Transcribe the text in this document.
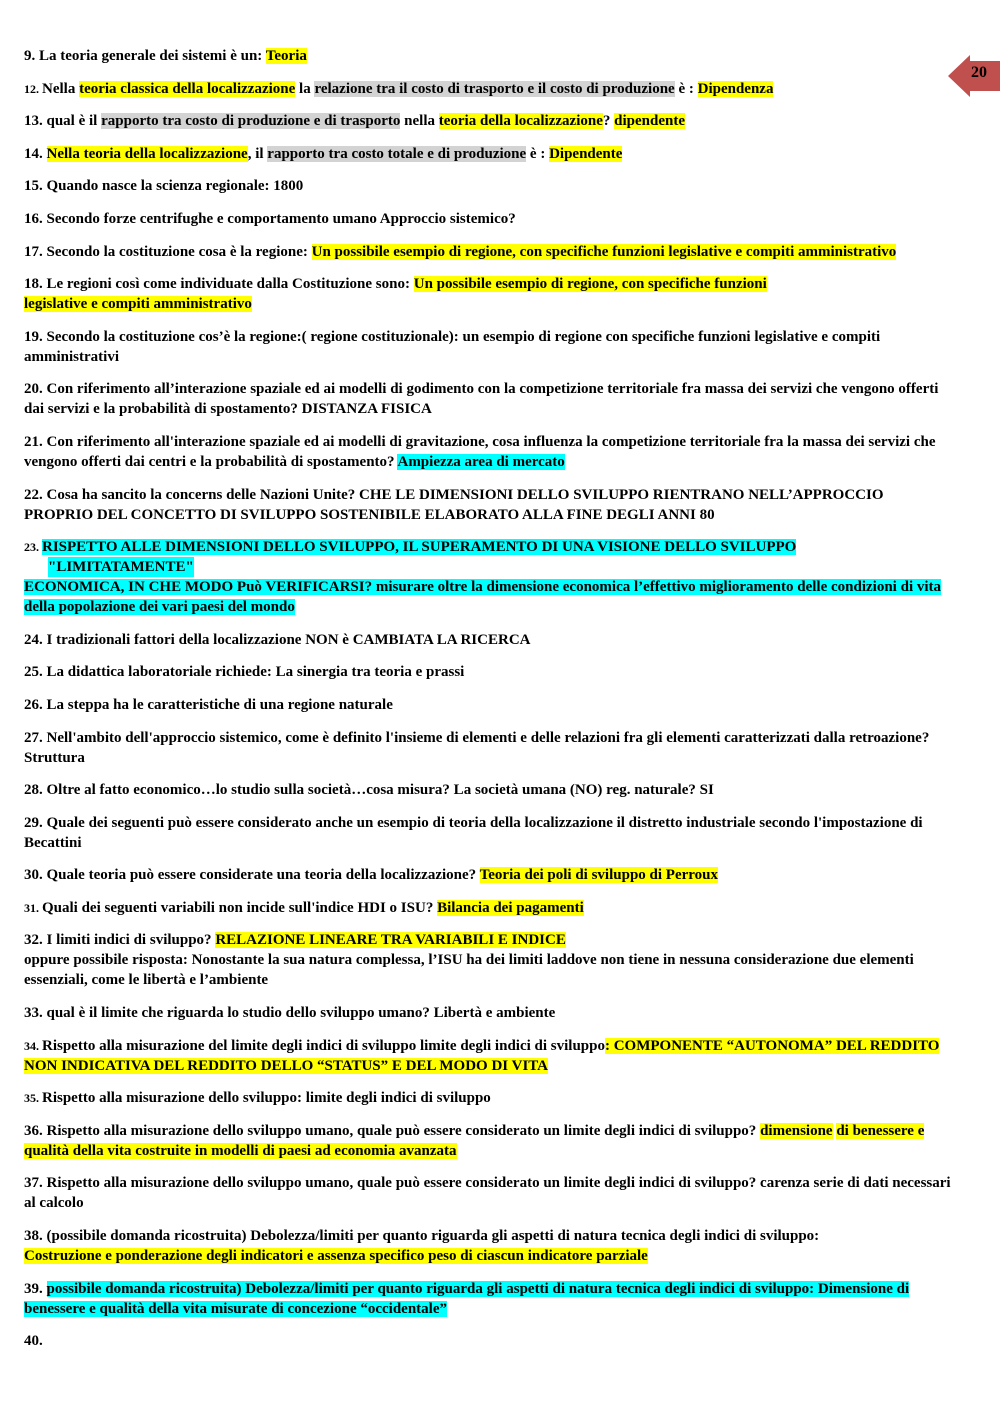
20
9. La teoria generale dei sistemi è un: Teoria
12. Nella teoria classica della localizzazione la relazione tra il costo di trasporto e il costo di produzione è : Dipendenza
13. qual è il rapporto tra costo di produzione e di trasporto nella teoria della localizzazione? dipendente
14. Nella teoria della localizzazione, il rapporto tra costo totale e di produzione è : Dipendente
15. Quando nasce la scienza regionale: 1800
16. Secondo forze centrifughe e comportamento umano Approccio sistemico?
17. Secondo la costituzione cosa è la regione: Un possibile esempio di regione, con specifiche funzioni legislative e compiti amministrativo
18. Le regioni così come individuate dalla Costituzione sono: Un possibile esempio di regione, con specifiche funzioni
legislative e compiti amministrativo
19. Secondo la costituzione cos’è la regione:( regione costituzionale): un esempio di regione con specifiche funzioni legislative e compiti amministrativi
20. Con riferimento all’interazione spaziale ed ai modelli di godimento con la competizione territoriale fra massa dei servizi che vengono offerti dai servizi e la probabilità di spostamento? DISTANZA FISICA
21. Con riferimento all'interazione spaziale ed ai modelli di gravitazione, cosa influenza la competizione territoriale fra la massa dei servizi che vengono offerti dai centri e la probabilità di spostamento? Ampiezza area di mercato
22. Cosa ha sancito la concerns delle Nazioni Unite? CHE LE DIMENSIONI DELLO SVILUPPO RIENTRANO NELL’APPROCCIO PROPRIO DEL CONCETTO DI SVILUPPO SOSTENIBILE ELABORATO ALLA FINE DEGLI ANNI 80
23. RISPETTO ALLE DIMENSIONI DELLO SVILUPPO, IL SUPERAMENTO DI UNA VISIONE DELLO SVILUPPO
"LIMITATAMENTE"
ECONOMICA, IN CHE MODO Può VERIFICARSI? misurare oltre la dimensione economica l’effettivo miglioramento delle condizioni di vita della popolazione dei vari paesi del mondo
24. I tradizionali fattori della localizzazione NON è CAMBIATA LA RICERCA
25. La didattica laboratoriale richiede: La sinergia tra teoria e prassi
26. La steppa ha le caratteristiche di una regione naturale
27. Nell'ambito dell'approccio sistemico, come è definito l'insieme di elementi e delle relazioni fra gli elementi caratterizzati dalla retroazione? Struttura
28. Oltre al fatto economico…lo studio sulla società…cosa misura? La società umana (NO) reg. naturale? SI
29. Quale dei seguenti può essere considerato anche un esempio di teoria della localizzazione il distretto industriale secondo l'impostazione di Becattini
30. Quale teoria può essere considerate una teoria della localizzazione? Teoria dei poli di sviluppo di Perroux
31. Quali dei seguenti variabili non incide sull'indice HDI o ISU? Bilancia dei pagamenti
32. I limiti indici di sviluppo? RELAZIONE LINEARE TRA VARIABILI E INDICE
oppure possibile risposta: Nonostante la sua natura complessa, l’ISU ha dei limiti laddove non tiene in nessuna considerazione due elementi essenziali, come le libertà e l’ambiente
33. qual è il limite che riguarda lo studio dello sviluppo umano? Libertà e ambiente
34. Rispetto alla misurazione del limite degli indici di sviluppo limite degli indici di sviluppo: COMPONENTE “AUTONOMA” DEL REDDITO NON INDICATIVA DEL REDDITO DELLO “STATUS” E DEL MODO DI VITA
35. Rispetto alla misurazione dello sviluppo: limite degli indici di sviluppo
36. Rispetto alla misurazione dello sviluppo umano, quale può essere considerato un limite degli indici di sviluppo? dimensione di benessere e qualità della vita costruite in modelli di paesi ad economia avanzata
37. Rispetto alla misurazione dello sviluppo umano, quale può essere considerato un limite degli indici di sviluppo? carenza serie di dati necessari al calcolo
38. (possibile domanda ricostruita) Debolezza/limiti per quanto riguarda gli aspetti di natura tecnica degli indici di sviluppo:
Costruzione e ponderazione degli indicatori e assenza specifico peso di ciascun indicatore parziale
39. possibile domanda ricostruita) Debolezza/limiti per quanto riguarda gli aspetti di natura tecnica degli indici di sviluppo: Dimensione di benessere e qualità della vita misurate di concezione “occidentale”
40.
